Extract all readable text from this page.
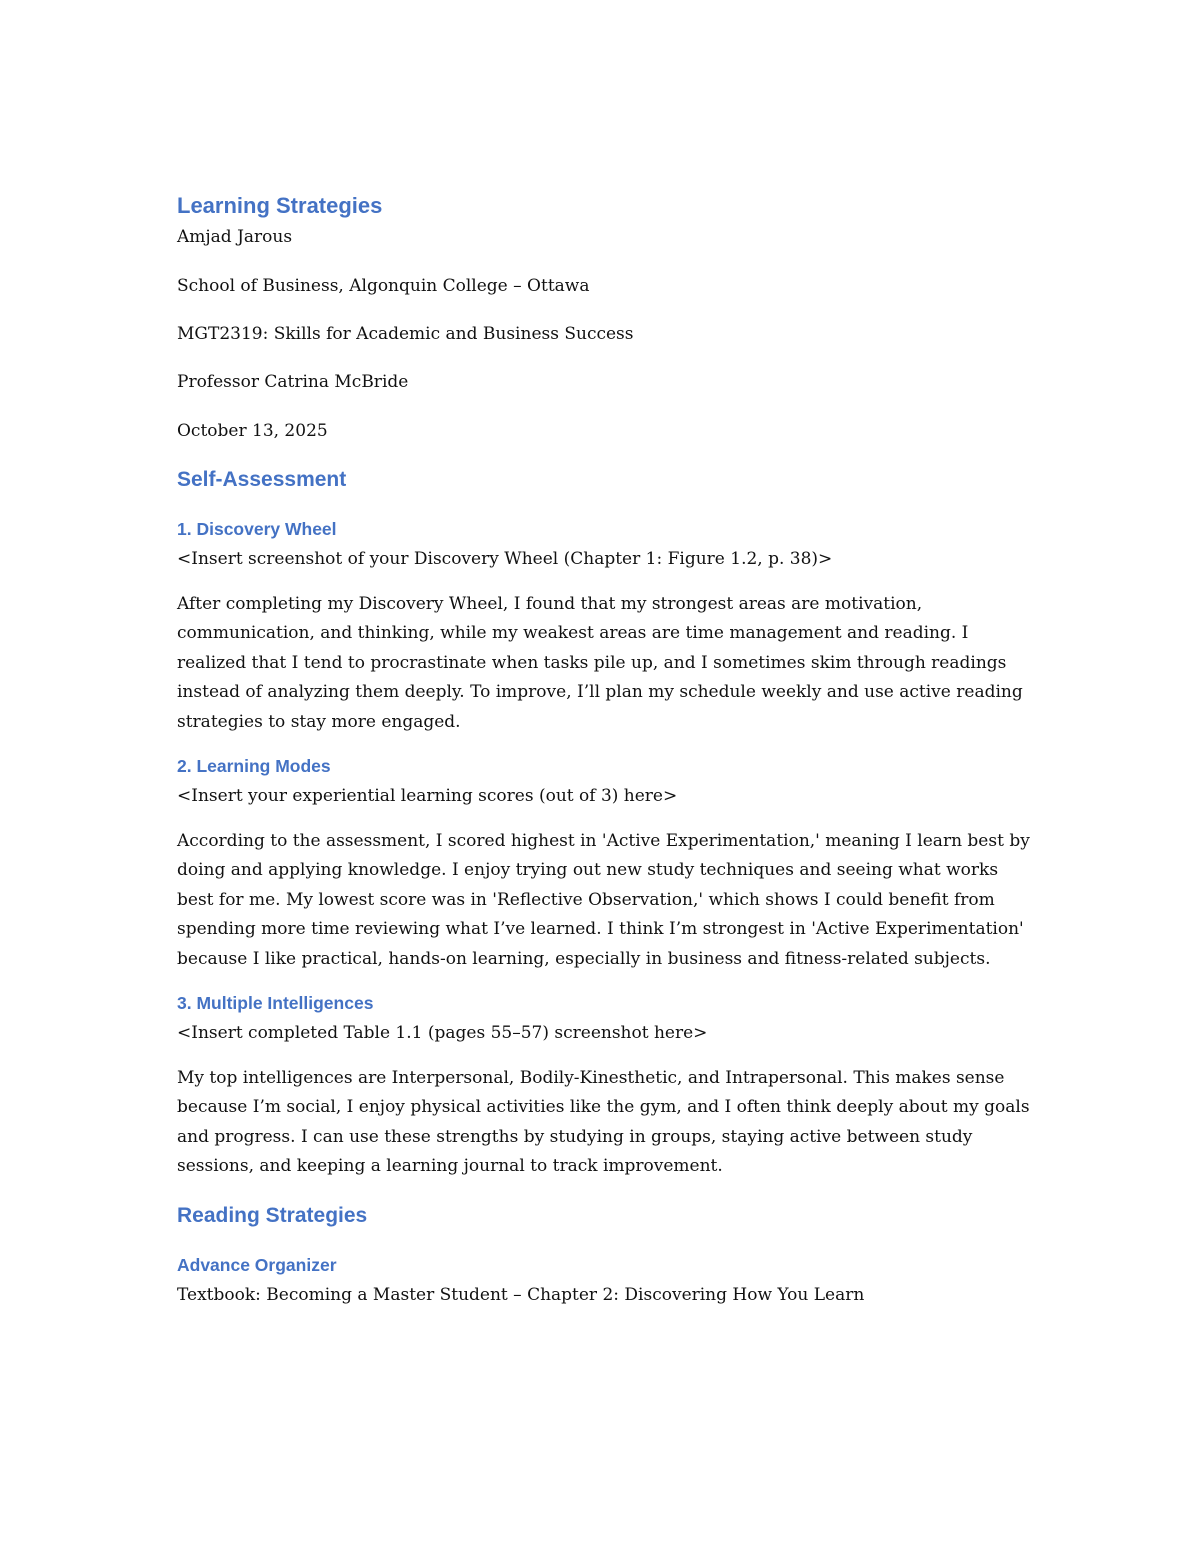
Learning Strategies

Amjad Jarous

School of Business, Algonquin College – Ottawa

MGT2319: Skills for Academic and Business Success

Professor Catrina McBride

October 13, 2025

Self-Assessment
1. Discovery Wheel

<Insert screenshot of your Discovery Wheel (Chapter 1: Figure 1.2, p. 38)>

After completing my Discovery Wheel, I found that my strongest areas are motivation, communication, and thinking, while my weakest areas are time management and reading. I realized that I tend to procrastinate when tasks pile up, and I sometimes skim through readings instead of analyzing them deeply. To improve, I’ll plan my schedule weekly and use active reading strategies to stay more engaged.

2. Learning Modes

<Insert your experiential learning scores (out of 3) here>

According to the assessment, I scored highest in 'Active Experimentation,' meaning I learn best by doing and applying knowledge. I enjoy trying out new study techniques and seeing what works best for me. My lowest score was in 'Reflective Observation,' which shows I could benefit from spending more time reviewing what I’ve learned. I think I’m strongest in 'Active Experimentation' because I like practical, hands-on learning, especially in business and fitness-related subjects.

3. Multiple Intelligences

<Insert completed Table 1.1 (pages 55–57) screenshot here>

My top intelligences are Interpersonal, Bodily-Kinesthetic, and Intrapersonal. This makes sense because I’m social, I enjoy physical activities like the gym, and I often think deeply about my goals and progress. I can use these strengths by studying in groups, staying active between study sessions, and keeping a learning journal to track improvement.

Reading Strategies
Advance Organizer

Textbook: Becoming a Master Student – Chapter 2: Discovering How You Learn
